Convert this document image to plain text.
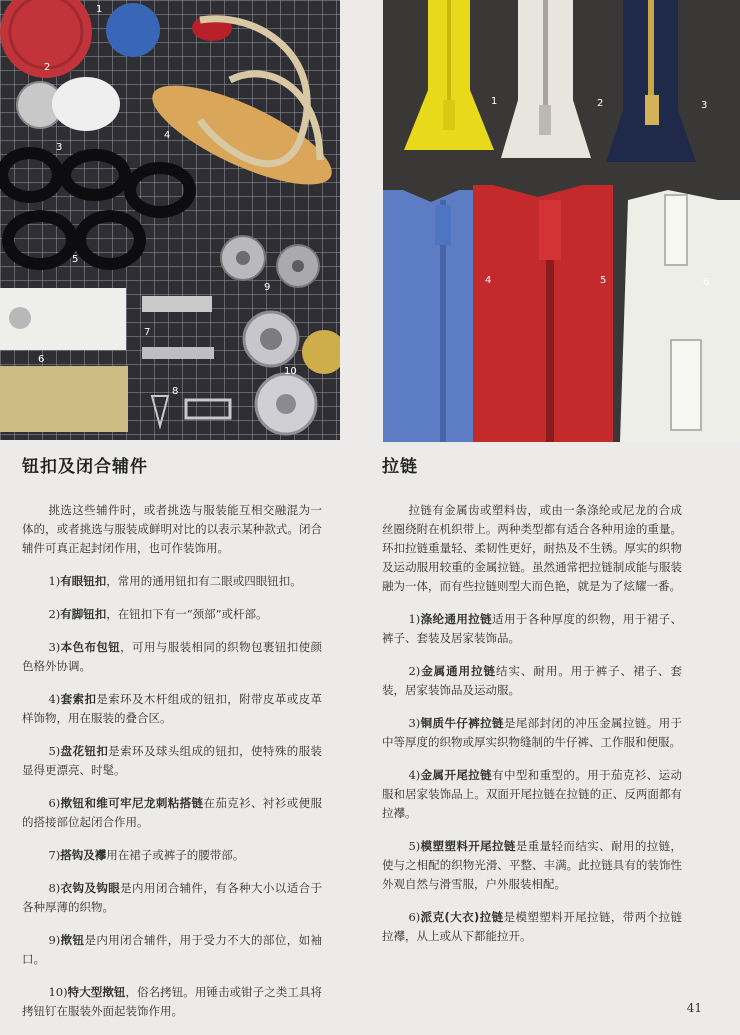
1
2
3
4
5
6
7
8
9
10
1	2	3
4	5	6
钮扣及闭合辅件

挑选这些辅件时，或者挑选与服装能互相交融混为一体的，或者挑选与服装成鲜明对比的以表示某种款式。闭合辅件可真正起封闭作用，也可作装饰用。

1)有眼钮扣，常用的通用钮扣有二眼或四眼钮扣。

2)有脚钮扣，在钮扣下有一“颈部”或杆部。

3)本色布包钮，可用与服装相同的织物包裹钮扣使颜色格外协调。

4)套索扣是索环及木杆组成的钮扣，附带皮革或皮革样饰物，用在服装的叠合区。

5)盘花钮扣是索环及球头组成的钮扣，使特殊的服装显得更漂亮、时髦。

6)揿钮和维可牢尼龙刺粘搭链在茄克衫、衬衫或便服的搭接部位起闭合作用。

7)搭钩及襻用在裙子或裤子的腰带部。

8)衣钩及钩眼是内用闭合辅件，有各种大小以适合于各种厚薄的织物。

9)揿钮是内用闭合辅件，用于受力不大的部位，如袖口。

10)特大型揿钮，俗名拷钮。用锤击或钳子之类工具将拷钮钉在服装外面起装饰作用。

拉链

拉链有金属齿或塑料齿，或由一条涤纶或尼龙的合成丝圈绕附在机织带上。两种类型都有适合各种用途的重量。环扣拉链重量轻、柔韧性更好，耐热及不生锈。厚实的织物及运动服用较重的金属拉链。虽然通常把拉链制成能与服装融为一体，而有些拉链则型大而色艳，就是为了炫耀一番。

1)涤纶通用拉链适用于各种厚度的织物，用于裙子、裤子、套装及居家装饰品。

2)金属通用拉链结实、耐用。用于裤子、裙子、套装，居家装饰品及运动服。

3)铜质牛仔裤拉链是尾部封闭的冲压金属拉链。用于中等厚度的织物或厚实织物缝制的牛仔裤、工作服和便服。

4)金属开尾拉链有中型和重型的。用于茄克衫、运动服和居家装饰品上。双面开尾拉链在拉链的正、反两面都有拉襻。

5)模塑塑料开尾拉链是重量轻而结实、耐用的拉链，使与之相配的织物光滑、平整、丰满。此拉链具有的装饰性外观自然与滑雪服，户外服装相配。

6)派克(大衣)拉链是模塑塑料开尾拉链，带两个拉链拉襻，从上或从下都能拉开。

41
